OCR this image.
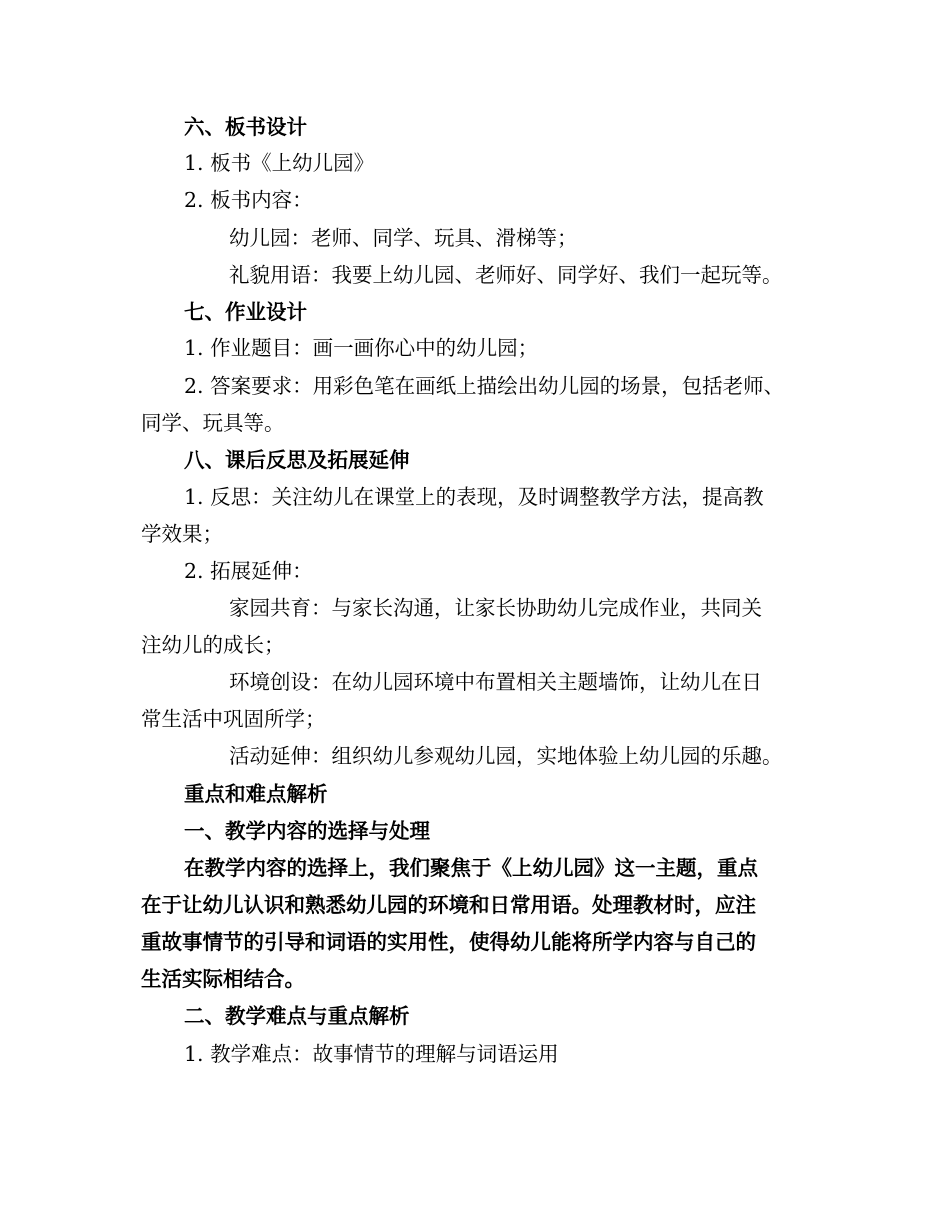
六、板书设计
1. 板书《上幼儿园》
2. 板书内容：
幼儿园：老师、同学、玩具、滑梯等；
礼貌用语：我要上幼儿园、老师好、同学好、我们一起玩等。
七、作业设计
1. 作业题目：画一画你心中的幼儿园；
2. 答案要求：用彩色笔在画纸上描绘出幼儿园的场景，包括老师、
同学、玩具等。
八、课后反思及拓展延伸
1. 反思：关注幼儿在课堂上的表现，及时调整教学方法，提高教
学效果；
2. 拓展延伸：
家园共育：与家长沟通，让家长协助幼儿完成作业，共同关
注幼儿的成长；
环境创设：在幼儿园环境中布置相关主题墙饰，让幼儿在日
常生活中巩固所学；
活动延伸：组织幼儿参观幼儿园，实地体验上幼儿园的乐趣。
重点和难点解析
一、教学内容的选择与处理
在教学内容的选择上，我们聚焦于《上幼儿园》这一主题，重点
在于让幼儿认识和熟悉幼儿园的环境和日常用语。处理教材时，应注
重故事情节的引导和词语的实用性，使得幼儿能将所学内容与自己的
生活实际相结合。
二、教学难点与重点解析
1. 教学难点：故事情节的理解与词语运用
